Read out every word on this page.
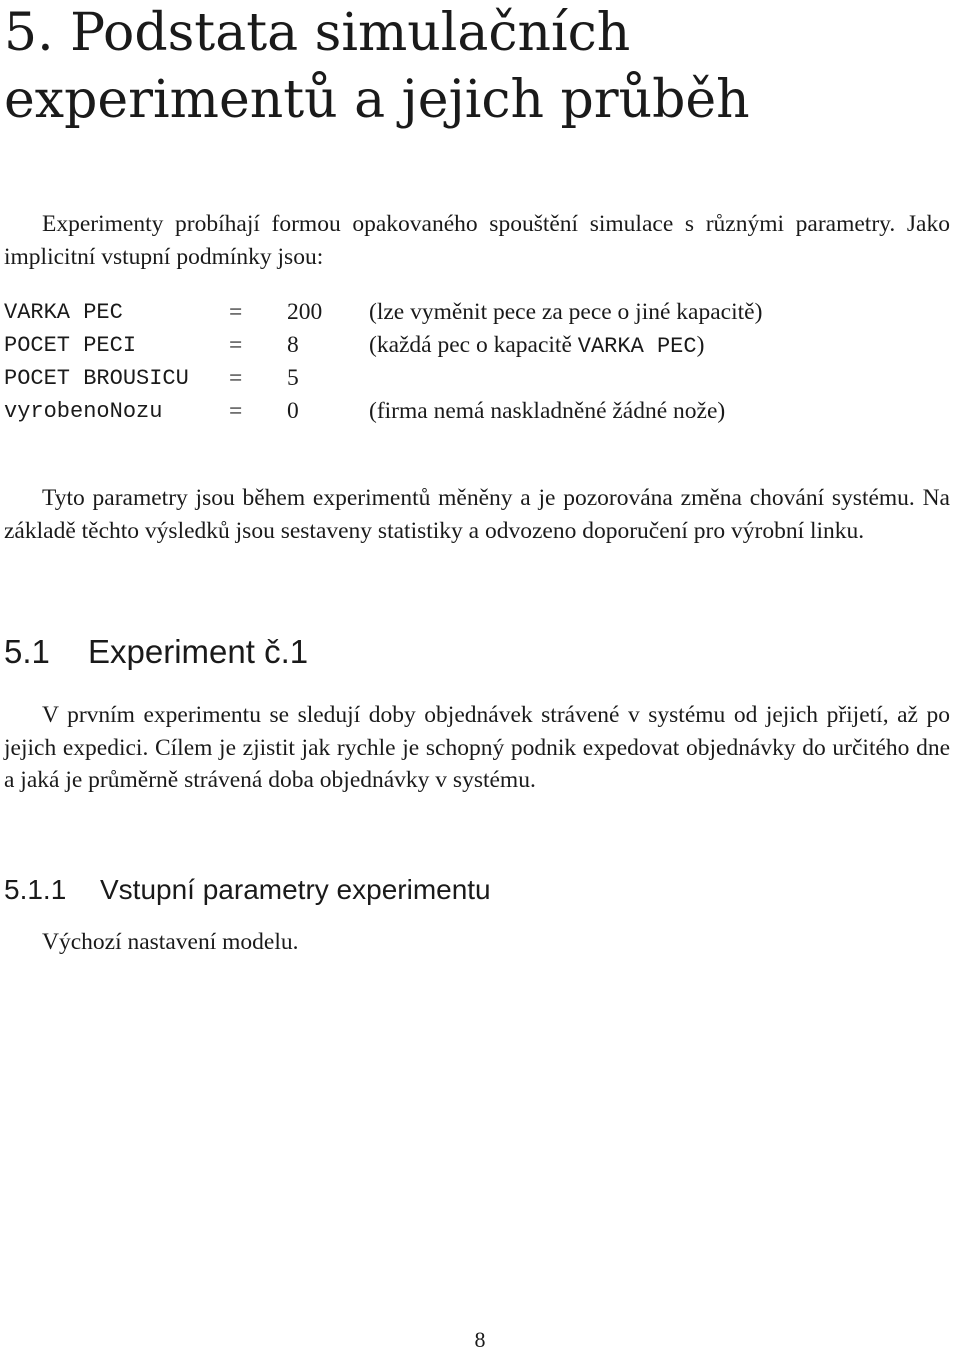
5. Podstata simulačních
experimentů a jejich průběh

Experimenty probíhají formou opakovaného spouštění simulace s různými parametry. Jako implicitní vstupní podmínky jsou:

VARKA PEC	=	200	(lze vyměnit pece za pece o jiné kapacitě)
POCET PECI	=	8	(každá pec o kapacitě VARKA PEC)
POCET BROUSICU	=	5	
vyrobenoNozu	=	0	(firma nemá naskladněné žádné nože)

Tyto parametry jsou během experimentů měněny a je pozorována změna chování systému. Na základě těchto výsledků jsou sestaveny statistiky a odvozeno doporučení pro výrobní linku.

5.1 Experiment č.1

V prvním experimentu se sledují doby objednávek strávené v systému od jejich přijetí, až po jejich expedici. Cílem je zjistit jak rychle je schopný podnik expedovat objednávky do určitého dne a jaká je průměrně strávená doba objednávky v systému.

5.1.1 Vstupní parametry experimentu

Výchozí nastavení modelu.

8
